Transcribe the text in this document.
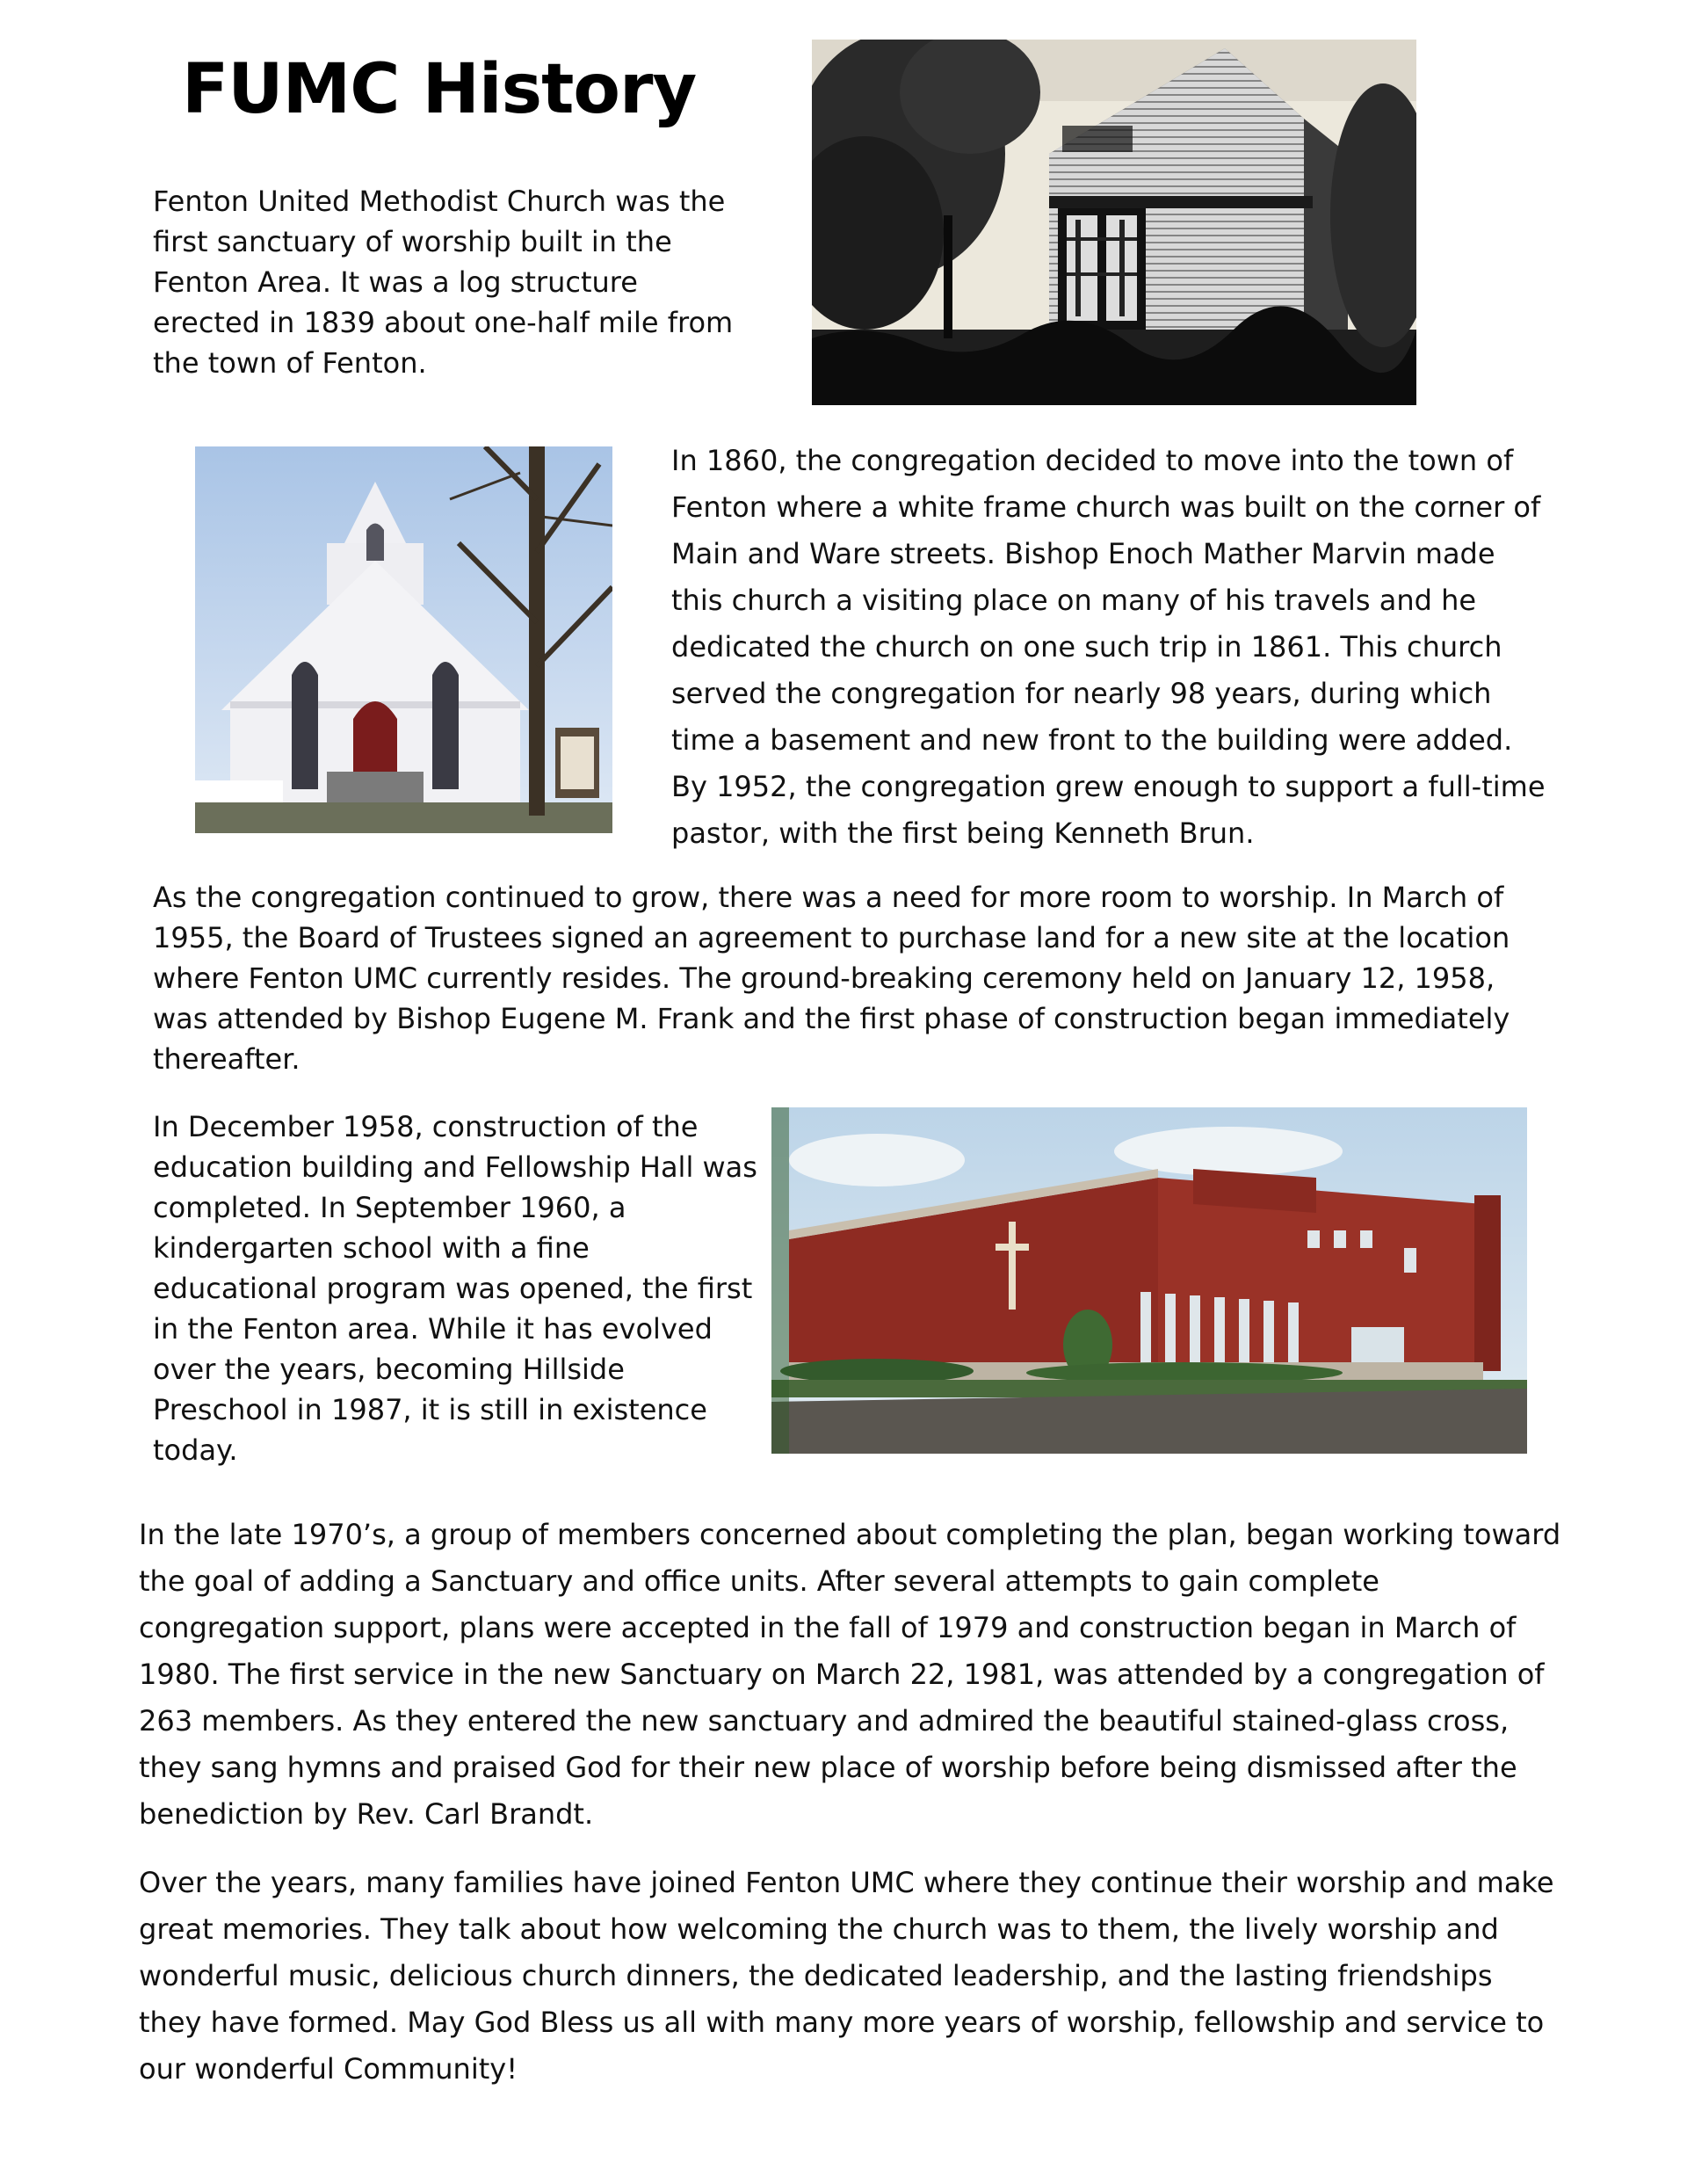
FUMC History

Fenton United Methodist Church was the first sanctuary of worship built in the Fenton Area. It was a log structure erected in 1839 about one-half mile from the town of Fenton.

In 1860, the congregation decided to move into the town of Fenton where a white frame church was built on the corner of Main and Ware streets. Bishop Enoch Mather Marvin made this church a visiting place on many of his travels and he dedicated the church on one such trip in 1861. This church served the congregation for nearly 98 years, during which time a basement and new front to the building were added. By 1952, the congregation grew enough to support a full-time pastor, with the first being Kenneth Brun.

As the congregation continued to grow, there was a need for more room to worship. In March of 1955, the Board of Trustees signed an agreement to purchase land for a new site at the location where Fenton UMC currently resides. The ground-breaking ceremony held on January 12, 1958, was attended by Bishop Eugene M. Frank and the first phase of construction began immediately thereafter.

In December 1958, construction of the education building and Fellowship Hall was completed. In September 1960, a kindergarten school with a fine educational program was opened, the first in the Fenton area. While it has evolved over the years, becoming Hillside Preschool in 1987, it is still in existence today.

In the late 1970’s, a group of members concerned about completing the plan, began working toward the goal of adding a Sanctuary and office units. After several attempts to gain complete congregation support, plans were accepted in the fall of 1979 and construction began in March of 1980. The first service in the new Sanctuary on March 22, 1981, was attended by a congregation of 263 members. As they entered the new sanctuary and admired the beautiful stained-glass cross, they sang hymns and praised God for their new place of worship before being dismissed after the benediction by Rev. Carl Brandt.

Over the years, many families have joined Fenton UMC where they continue their worship and make great memories. They talk about how welcoming the church was to them, the lively worship and wonderful music, delicious church dinners, the dedicated leadership, and the lasting friendships they have formed. May God Bless us all with many more years of worship, fellowship and service to our wonderful Community!
